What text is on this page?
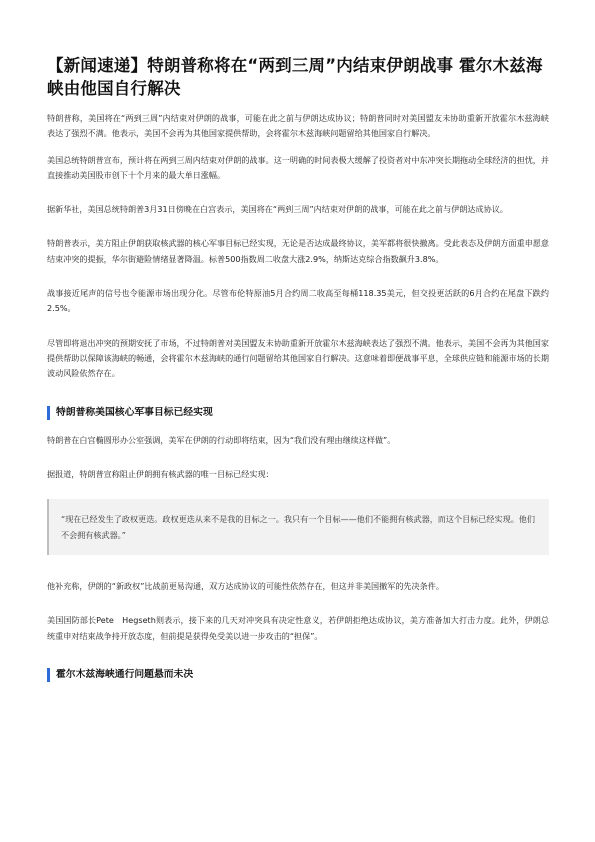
【新闻速递】特朗普称将在“两到三周”内结束伊朗战事 霍尔木兹海峡由他国自行解决

特朗普称，美国将在“两到三周”内结束对伊朗的战事，可能在此之前与伊朗达成协议；特朗普同时对美国盟友未协助重新开放霍尔木兹海峡表达了强烈不满。他表示，美国不会再为其他国家提供帮助，会将霍尔木兹海峡问题留给其他国家自行解决。

美国总统特朗普宣布，预计将在两到三周内结束对伊朗的战事。这一明确的时间表极大缓解了投资者对中东冲突长期拖动全球经济的担忧，并直接推动美国股市创下十个月来的最大单日涨幅。

据新华社，美国总统特朗普3月31日傍晚在白宫表示，美国将在“两到三周”内结束对伊朗的战事，可能在此之前与伊朗达成协议。

特朗普表示，美方阻止伊朗获取核武器的核心军事目标已经实现，无论是否达成最终协议，美军都将很快撤离。受此表态及伊朗方面重申愿意结束冲突的提振，华尔街避险情绪显著降温。标普500指数周二收盘大涨2.9%，纳斯达克综合指数飙升3.8%。

战事接近尾声的信号也令能源市场出现分化。尽管布伦特原油5月合约周二收高至每桶118.35美元，但交投更活跃的6月合约在尾盘下跌约2.5%。

尽管即将退出冲突的预期安抚了市场，不过特朗普对美国盟友未协助重新开放霍尔木兹海峡表达了强烈不满。他表示，美国不会再为其他国家提供帮助以保障该海峡的畅通，会将霍尔木兹海峡的通行问题留给其他国家自行解决。这意味着即便战事平息，全球供应链和能源市场的长期波动风险依然存在。

特朗普称美国核心军事目标已经实现

特朗普在白宫椭圆形办公室强调，美军在伊朗的行动即将结束，因为“我们没有理由继续这样做”。

据报道，特朗普宣称阻止伊朗拥有核武器的唯一目标已经实现：

“现在已经发生了政权更迭。政权更迭从来不是我的目标之一。我只有一个目标——他们不能拥有核武器，而这个目标已经实现。他们不会拥有核武器。”

他补充称，伊朗的“新政权”比战前更易沟通，双方达成协议的可能性依然存在，但这并非美国撤军的先决条件。

美国国防部长Pete　Hegseth则表示，接下来的几天对冲突具有决定性意义，若伊朗拒绝达成协议，美方准备加大打击力度。此外，伊朗总统重申对结束战争持开放态度，但前提是获得免受美以进一步攻击的“担保”。

霍尔木兹海峡通行问题悬而未决
